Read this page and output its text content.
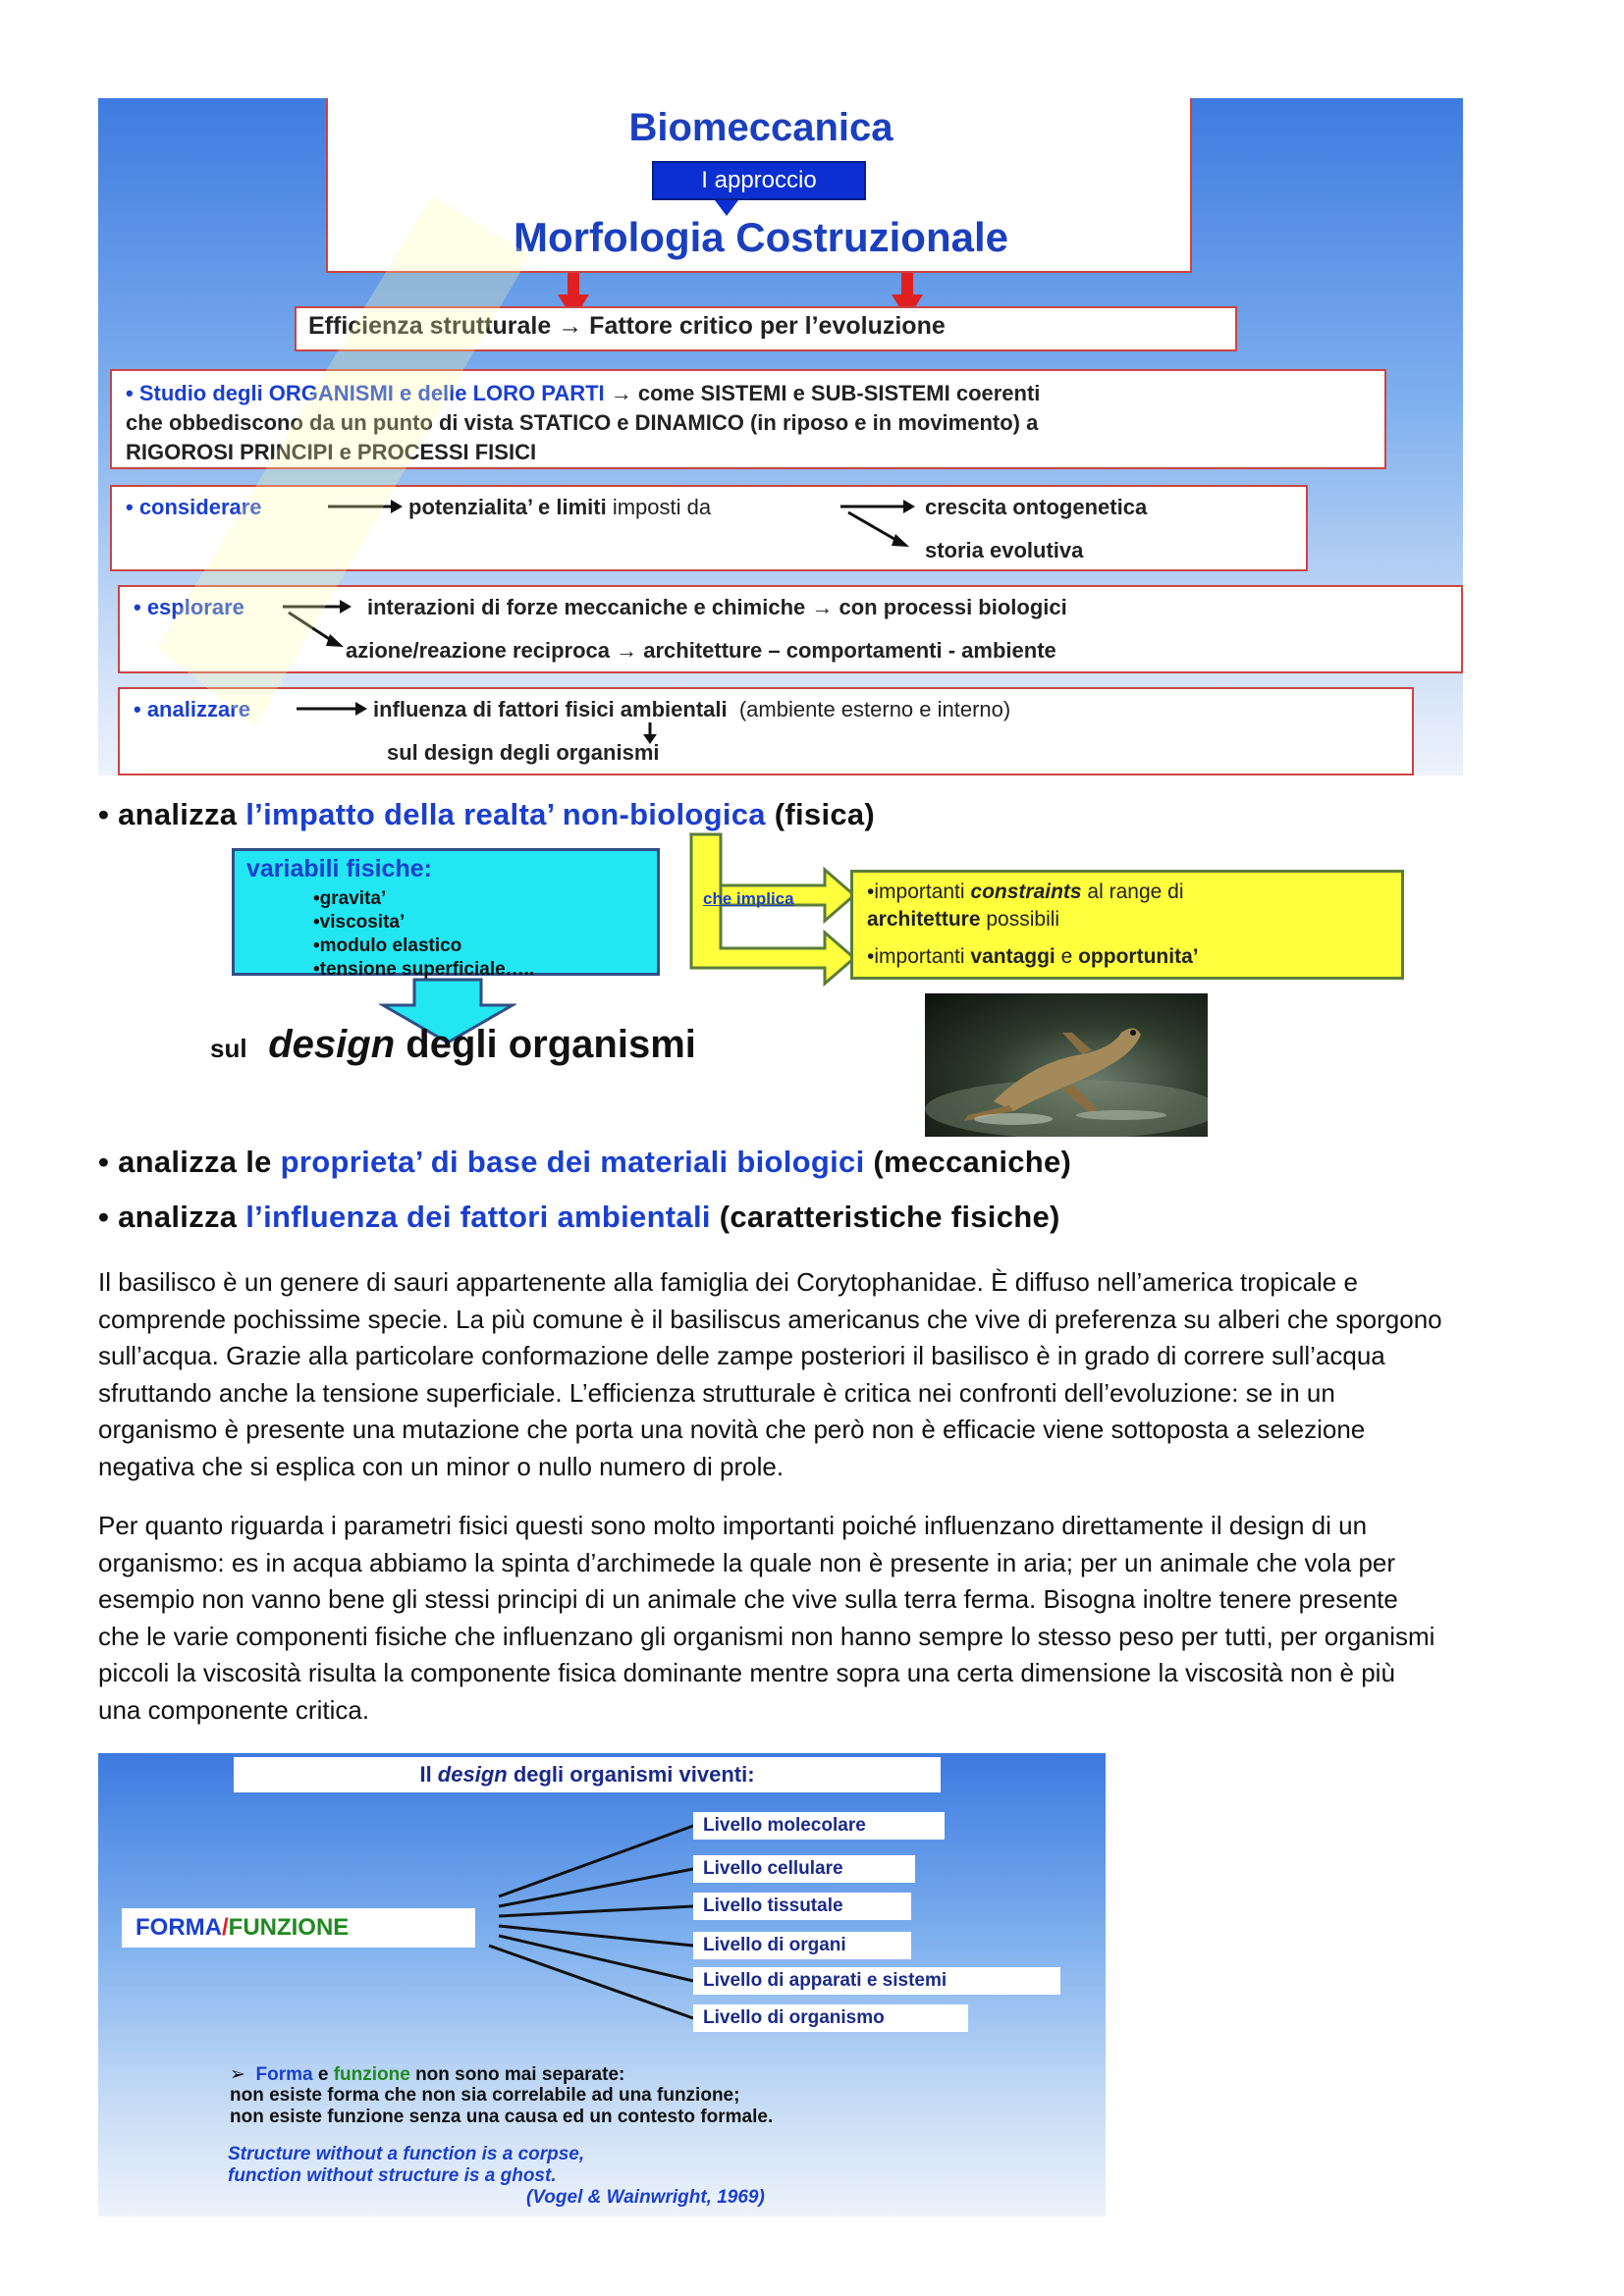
Biomeccanica
I approccio
Morfologia Costruzionale
Efficienza strutturale → Fattore critico per l’evoluzione
• Studio degli ORGANISMI e delle LORO PARTI → come SISTEMI e SUB-SISTEMI coerenti
che obbediscono da un punto di vista STATICO e DINAMICO (in riposo e in movimento) a
RIGOROSI PRINCIPI e PROCESSI FISICI
• considerare	potenzialita’ e limiti imposti da	crescita ontogenetica
storia evolutiva
• esplorare	interazioni di forze meccaniche e chimiche → con processi biologici
azione/reazione reciproca → architetture – comportamenti - ambiente
• analizzare	influenza di fattori fisici ambientali (ambiente esterno e interno)
sul design degli organismi
• analizza l’impatto della realta’ non-biologica (fisica)
variabili fisiche:
•gravita’
•viscosita’
•modulo elastico
•tensione superficiale…..
che implica	•importanti constraints al range di
architetture possibili
•importanti vantaggi e opportunita’
sul design degli organismi
• analizza le proprieta’ di base dei materiali biologici (meccaniche)
• analizza l’influenza dei fattori ambientali (caratteristiche fisiche)
Il basilisco è un genere di sauri appartenente alla famiglia dei Corytophanidae. È diffuso nell’america tropicale e
comprende pochissime specie. La più comune è il basiliscus americanus che vive di preferenza su alberi che sporgono
sull’acqua. Grazie alla particolare conformazione delle zampe posteriori il basilisco è in grado di correre sull’acqua
sfruttando anche la tensione superficiale. L’efficienza strutturale è critica nei confronti dell’evoluzione: se in un
organismo è presente una mutazione che porta una novità che però non è efficacie viene sottoposta a selezione
negativa che si esplica con un minor o nullo numero di prole.
Per quanto riguarda i parametri fisici questi sono molto importanti poiché influenzano direttamente il design di un
organismo: es in acqua abbiamo la spinta d’archimede la quale non è presente in aria; per un animale che vola per
esempio non vanno bene gli stessi principi di un animale che vive sulla terra ferma. Bisogna inoltre tenere presente
che le varie componenti fisiche che influenzano gli organismi non hanno sempre lo stesso peso per tutti, per organismi
piccoli la viscosità risulta la componente fisica dominante mentre sopra una certa dimensione la viscosità non è più
una componente critica.
Il design degli organismi viventi:
FORMA/FUNZIONE
Livello molecolare
Livello cellulare
Livello tissutale
Livello di organi
Livello di apparati e sistemi
Livello di organismo
➢ Forma e funzione non sono mai separate:
non esiste forma che non sia correlabile ad una funzione;
non esiste funzione senza una causa ed un contesto formale.
Structure without a function is a corpse,
function without structure is a ghost.
(Vogel & Wainwright, 1969)
